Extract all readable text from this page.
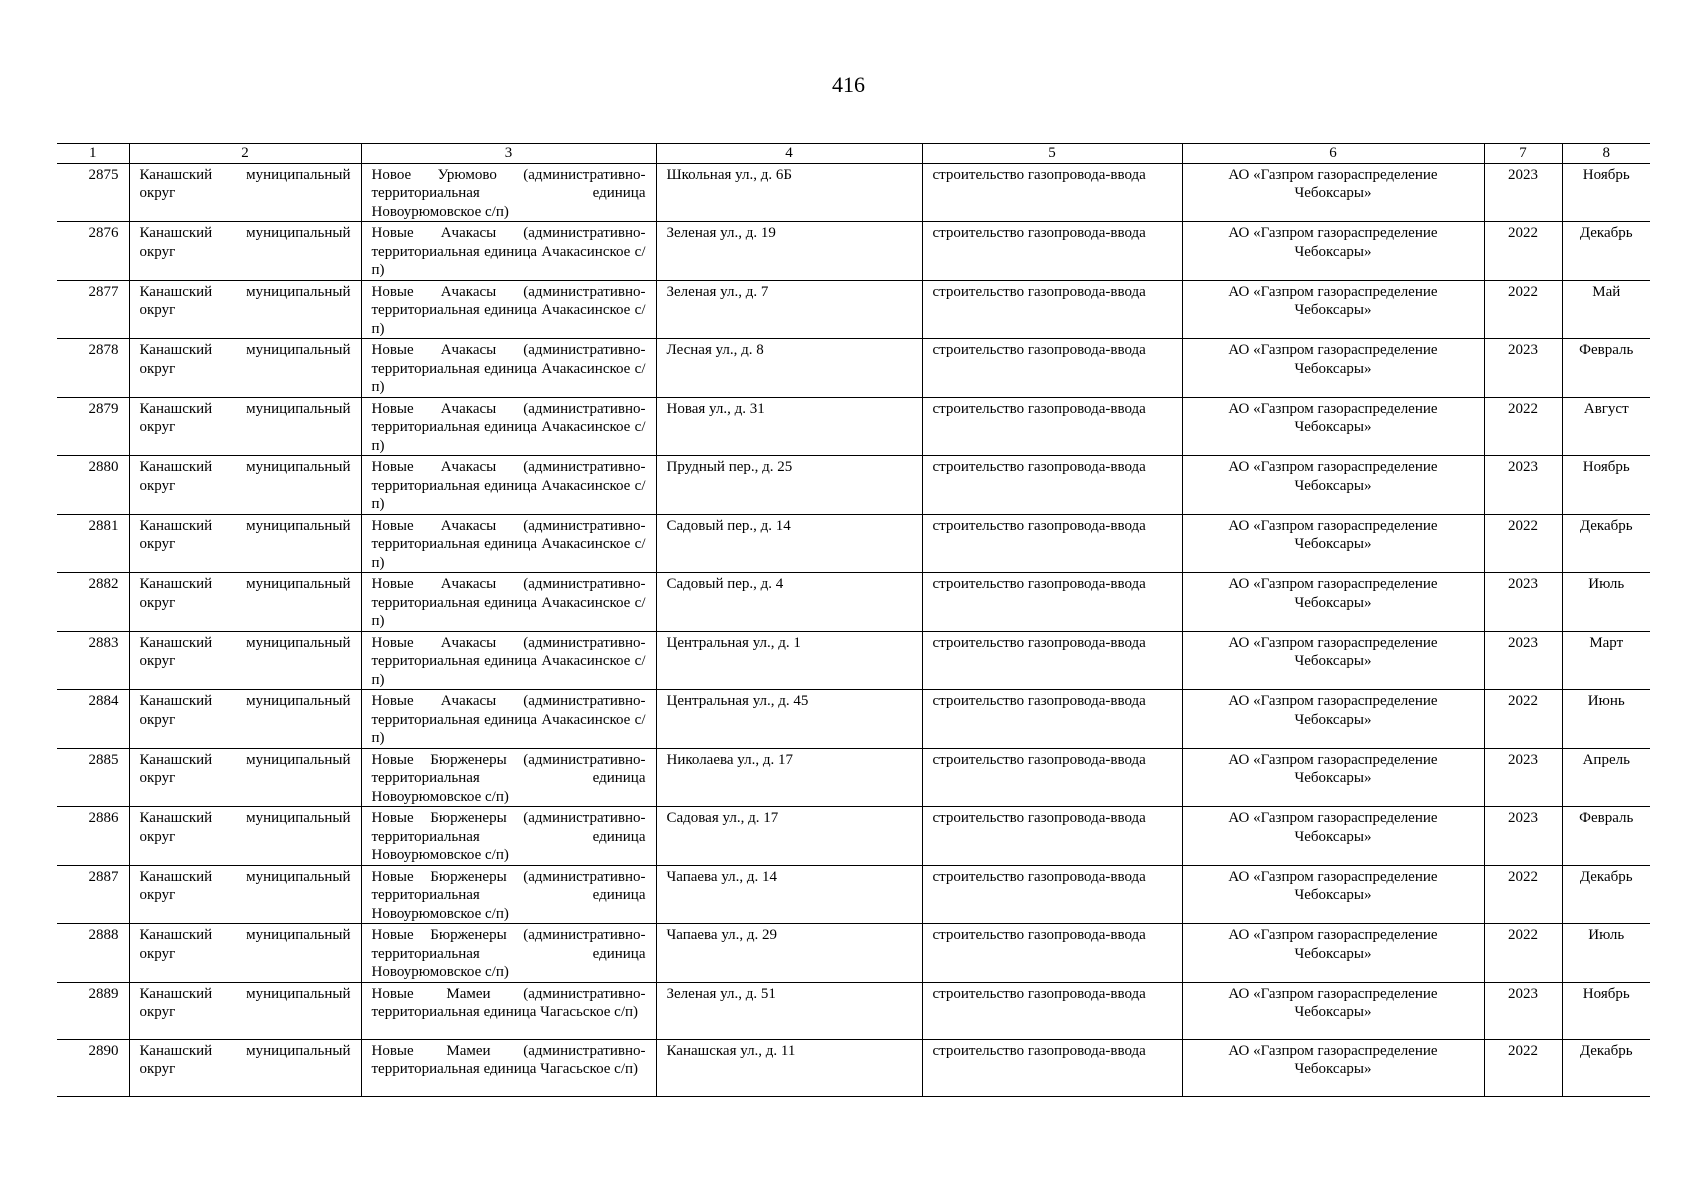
416
1	2	3	4	5	6	7	8
2875	Канашский муниципальный округ	Новое Урюмово (административно-территориальная единица Новоурюмовское с/п)	Школьная ул., д. 6Б	строительство газопровода-ввода	АО «Газпром газораспределение Чебоксары»	2023	Ноябрь
2876	Канашский муниципальный округ	Новые Ачакасы (административно-территориальная единица Ачакасинское с/п)	Зеленая ул., д. 19	строительство газопровода-ввода	АО «Газпром газораспределение Чебоксары»	2022	Декабрь
2877	Канашский муниципальный округ	Новые Ачакасы (административно-территориальная единица Ачакасинское с/п)	Зеленая ул., д. 7	строительство газопровода-ввода	АО «Газпром газораспределение Чебоксары»	2022	Май
2878	Канашский муниципальный округ	Новые Ачакасы (административно-территориальная единица Ачакасинское с/п)	Лесная ул., д. 8	строительство газопровода-ввода	АО «Газпром газораспределение Чебоксары»	2023	Февраль
2879	Канашский муниципальный округ	Новые Ачакасы (административно-территориальная единица Ачакасинское с/п)	Новая ул., д. 31	строительство газопровода-ввода	АО «Газпром газораспределение Чебоксары»	2022	Август
2880	Канашский муниципальный округ	Новые Ачакасы (административно-территориальная единица Ачакасинское с/п)	Прудный пер., д. 25	строительство газопровода-ввода	АО «Газпром газораспределение Чебоксары»	2023	Ноябрь
2881	Канашский муниципальный округ	Новые Ачакасы (административно-территориальная единица Ачакасинское с/п)	Садовый пер., д. 14	строительство газопровода-ввода	АО «Газпром газораспределение Чебоксары»	2022	Декабрь
2882	Канашский муниципальный округ	Новые Ачакасы (административно-территориальная единица Ачакасинское с/п)	Садовый пер., д. 4	строительство газопровода-ввода	АО «Газпром газораспределение Чебоксары»	2023	Июль
2883	Канашский муниципальный округ	Новые Ачакасы (административно-территориальная единица Ачакасинское с/п)	Центральная ул., д. 1	строительство газопровода-ввода	АО «Газпром газораспределение Чебоксары»	2023	Март
2884	Канашский муниципальный округ	Новые Ачакасы (административно-территориальная единица Ачакасинское с/п)	Центральная ул., д. 45	строительство газопровода-ввода	АО «Газпром газораспределение Чебоксары»	2022	Июнь
2885	Канашский муниципальный округ	Новые Бюрженеры (административно-территориальная единица Новоурюмовское с/п)	Николаева ул., д. 17	строительство газопровода-ввода	АО «Газпром газораспределение Чебоксары»	2023	Апрель
2886	Канашский муниципальный округ	Новые Бюрженеры (административно-территориальная единица Новоурюмовское с/п)	Садовая ул., д. 17	строительство газопровода-ввода	АО «Газпром газораспределение Чебоксары»	2023	Февраль
2887	Канашский муниципальный округ	Новые Бюрженеры (административно-территориальная единица Новоурюмовское с/п)	Чапаева ул., д. 14	строительство газопровода-ввода	АО «Газпром газораспределение Чебоксары»	2022	Декабрь
2888	Канашский муниципальный округ	Новые Бюрженеры (административно-территориальная единица Новоурюмовское с/п)	Чапаева ул., д. 29	строительство газопровода-ввода	АО «Газпром газораспределение Чебоксары»	2022	Июль
2889	Канашский муниципальный округ	Новые Мамеи (административно-территориальная единица Чагасьское с/п)	Зеленая ул., д. 51	строительство газопровода-ввода	АО «Газпром газораспределение Чебоксары»	2023	Ноябрь
2890	Канашский муниципальный округ	Новые Мамеи (административно-территориальная единица Чагасьское с/п)	Канашская ул., д. 11	строительство газопровода-ввода	АО «Газпром газораспределение Чебоксары»	2022	Декабрь
